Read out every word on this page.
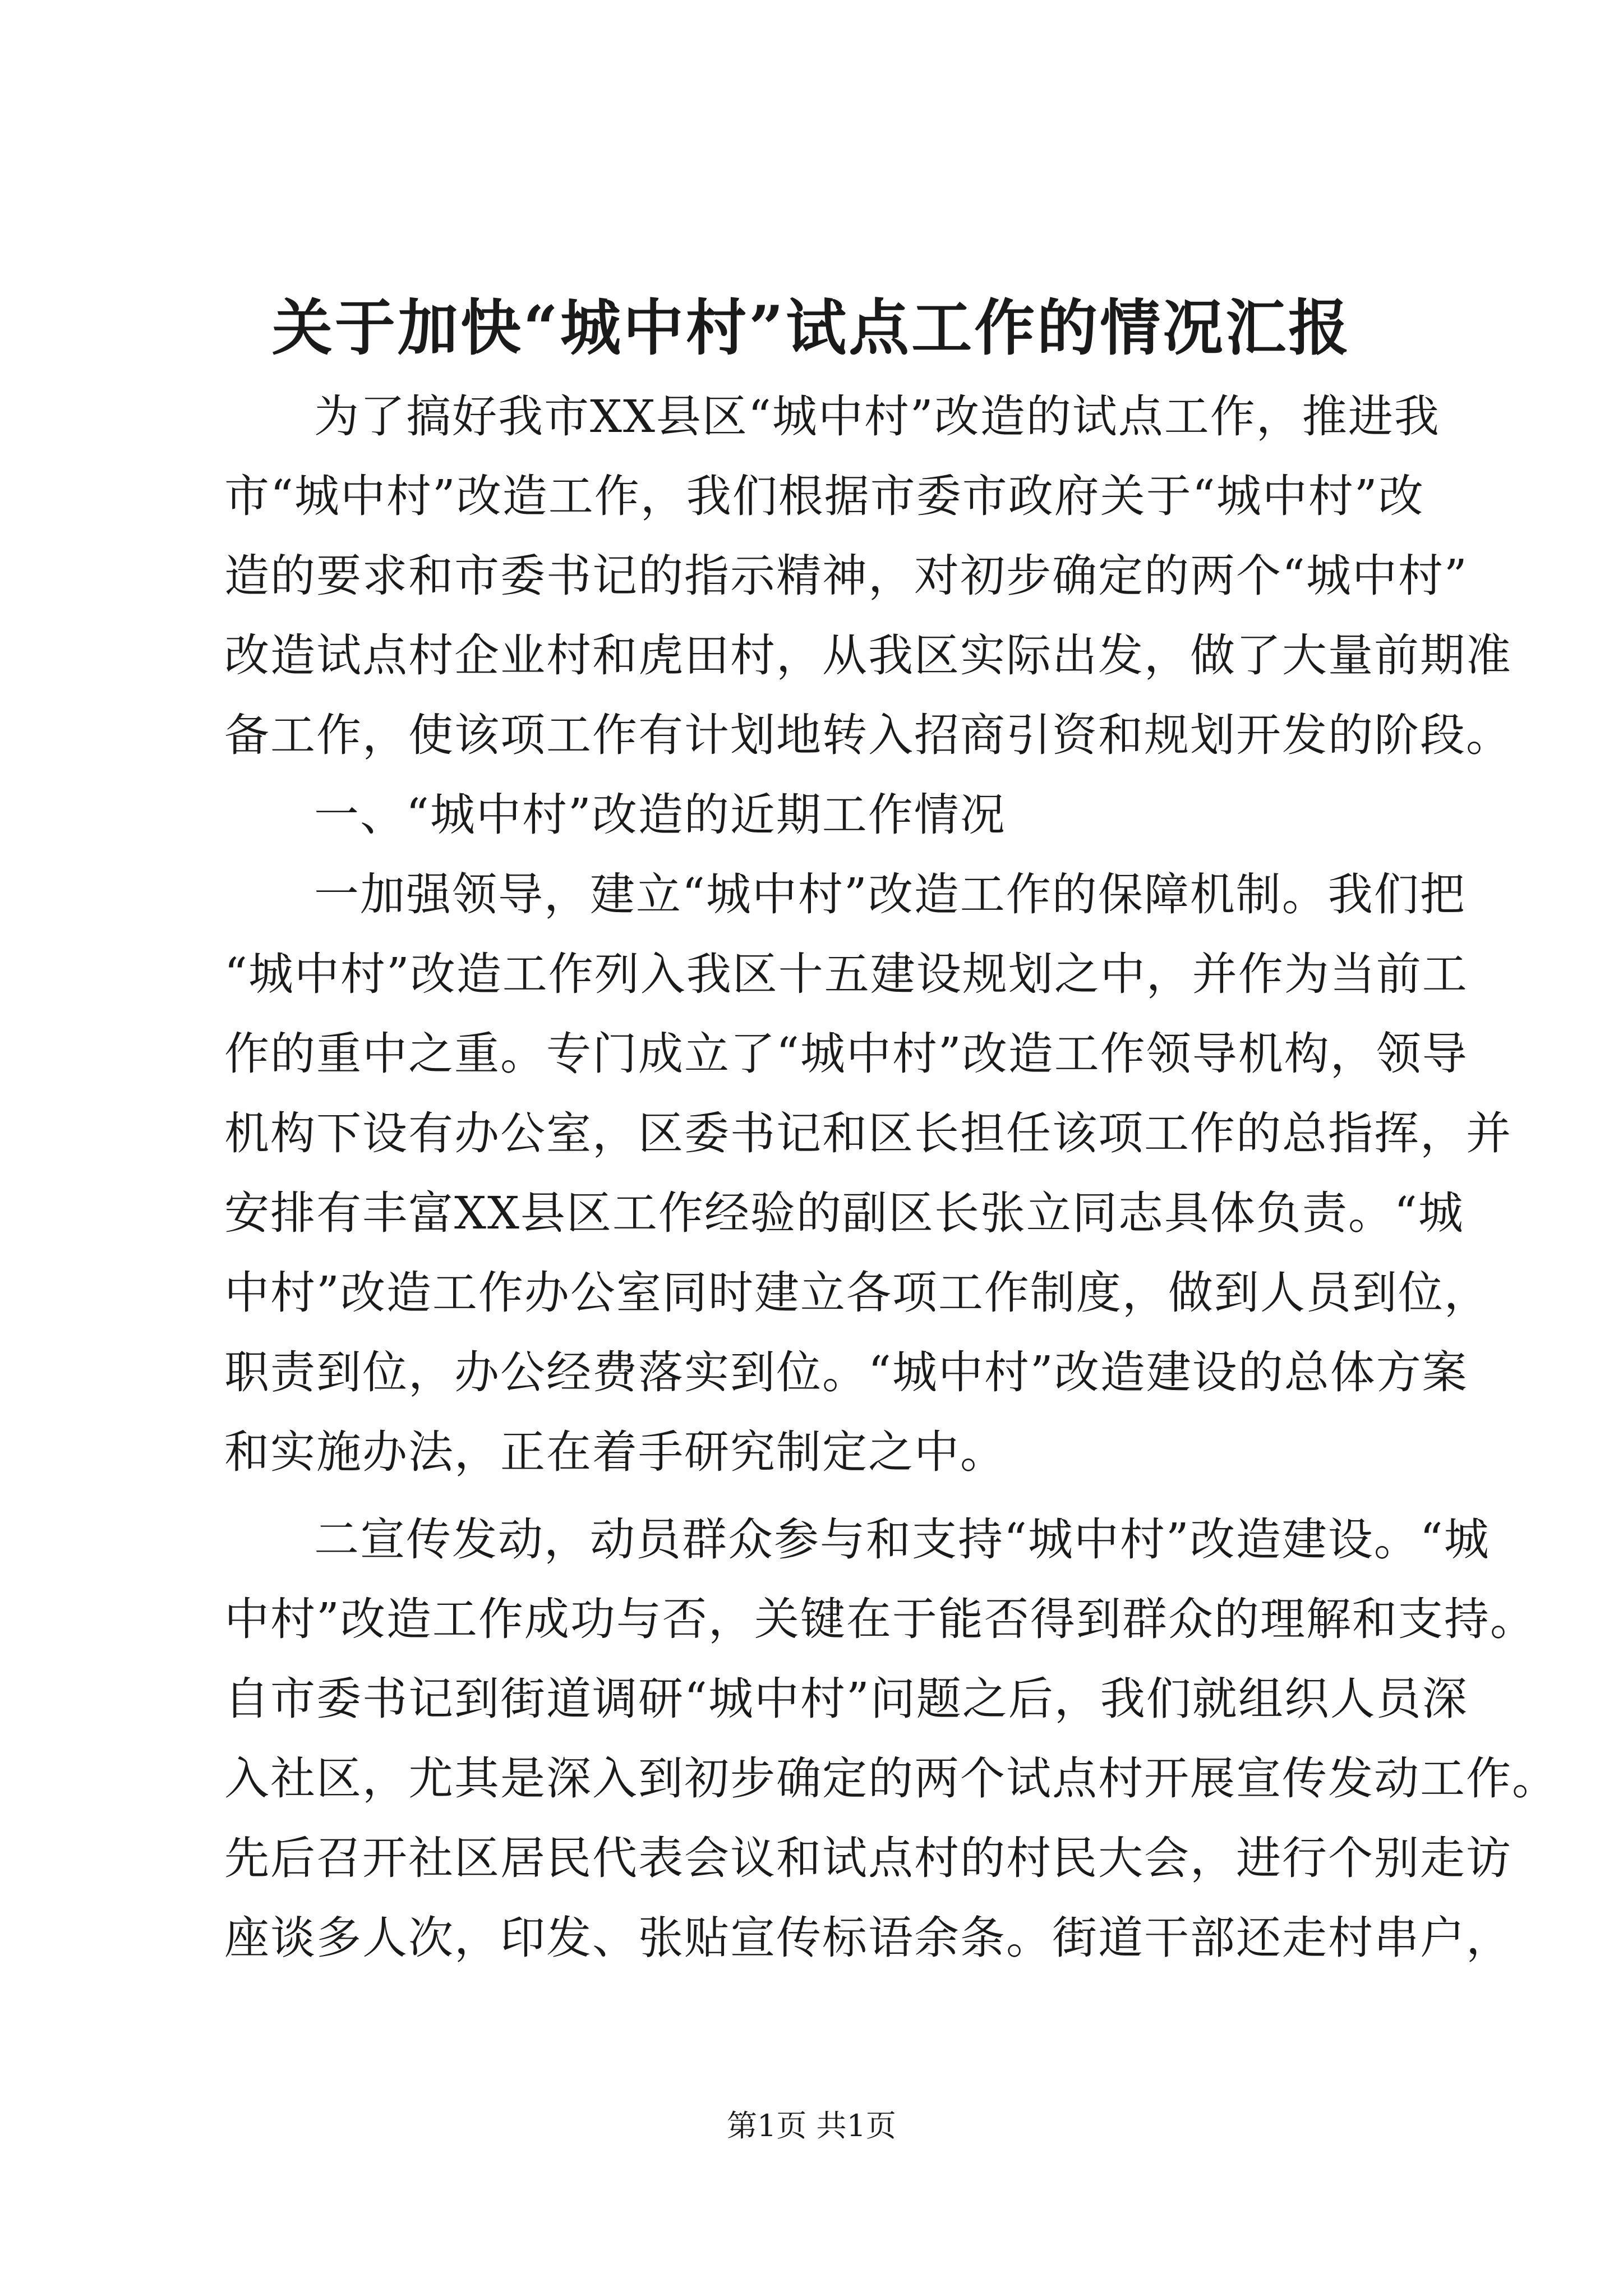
关于加快“城中村”试点工作的情况汇报
为了搞好我市XX县区“城中村”改造的试点工作，推进我
市“城中村”改造工作，我们根据市委市政府关于“城中村”改
造的要求和市委书记的指示精神，对初步确定的两个“城中村”
改造试点村企业村和虎田村，从我区实际出发，做了大量前期准
备工作，使该项工作有计划地转入招商引资和规划开发的阶段。
一、“城中村”改造的近期工作情况
一加强领导，建立“城中村”改造工作的保障机制。我们把
“城中村”改造工作列入我区十五建设规划之中，并作为当前工
作的重中之重。专门成立了“城中村”改造工作领导机构，领导
机构下设有办公室，区委书记和区长担任该项工作的总指挥，并
安排有丰富XX县区工作经验的副区长张立同志具体负责。“城
中村”改造工作办公室同时建立各项工作制度，做到人员到位，
职责到位，办公经费落实到位。“城中村”改造建设的总体方案
和实施办法，正在着手研究制定之中。
二宣传发动，动员群众参与和支持“城中村”改造建设。“城
中村”改造工作成功与否，关键在于能否得到群众的理解和支持。
自市委书记到街道调研“城中村”问题之后，我们就组织人员深
入社区，尤其是深入到初步确定的两个试点村开展宣传发动工作。
先后召开社区居民代表会议和试点村的村民大会，进行个别走访
座谈多人次，印发、张贴宣传标语余条。街道干部还走村串户，
第1页 共1页
